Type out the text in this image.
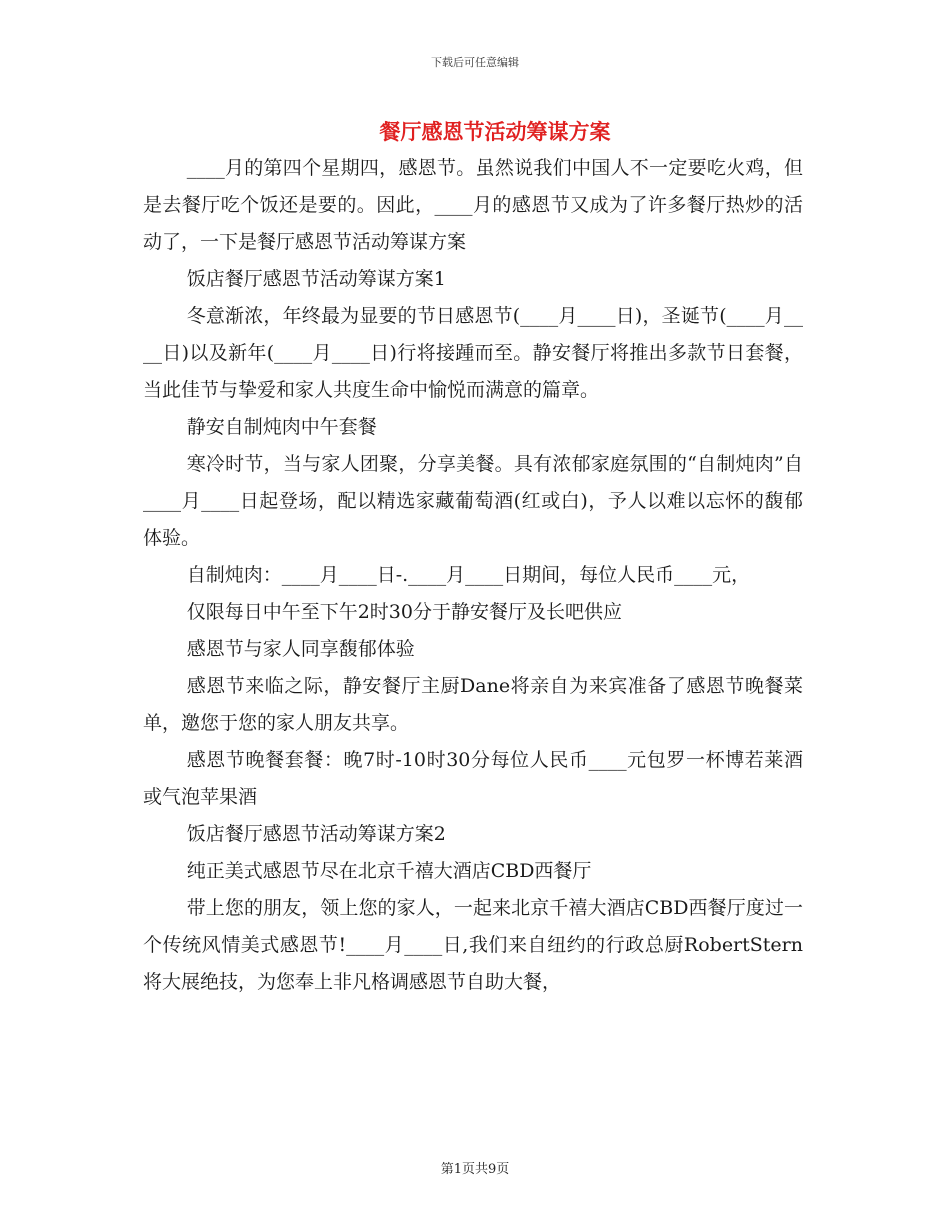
下载后可任意编辑
餐厅感恩节活动筹谋方案

____月的第四个星期四，感恩节。虽然说我们中国人不一定要吃火鸡，但是去餐厅吃个饭还是要的。因此，____月的感恩节又成为了许多餐厅热炒的活动了，一下是餐厅感恩节活动筹谋方案

饭店餐厅感恩节活动筹谋方案1

冬意渐浓，年终最为显要的节日感恩节(____月____日)，圣诞节(____月____日)以及新年(____月____日)行将接踵而至。静安餐厅将推出多款节日套餐，当此佳节与挚爱和家人共度生命中愉悦而满意的篇章。

静安自制炖肉中午套餐

寒冷时节，当与家人团聚，分享美餐。具有浓郁家庭氛围的“自制炖肉”自____月____日起登场，配以精选家藏葡萄酒(红或白)，予人以难以忘怀的馥郁体验。

自制炖肉：____月____日-.____月____日期间，每位人民币____元，

仅限每日中午至下午2时30分于静安餐厅及长吧供应

感恩节与家人同享馥郁体验

感恩节来临之际，静安餐厅主厨Dane将亲自为来宾准备了感恩节晚餐菜单，邀您于您的家人朋友共享。

感恩节晚餐套餐：晚7时-10时30分每位人民币____元包罗一杯博若莱酒或气泡苹果酒

饭店餐厅感恩节活动筹谋方案2

纯正美式感恩节尽在北京千禧大酒店CBD西餐厅

带上您的朋友，领上您的家人，一起来北京千禧大酒店CBD西餐厅度过一个传统风情美式感恩节!____月____日,我们来自纽约的行政总厨RobertStern将大展绝技，为您奉上非凡格调感恩节自助大餐，

第1页共9页
